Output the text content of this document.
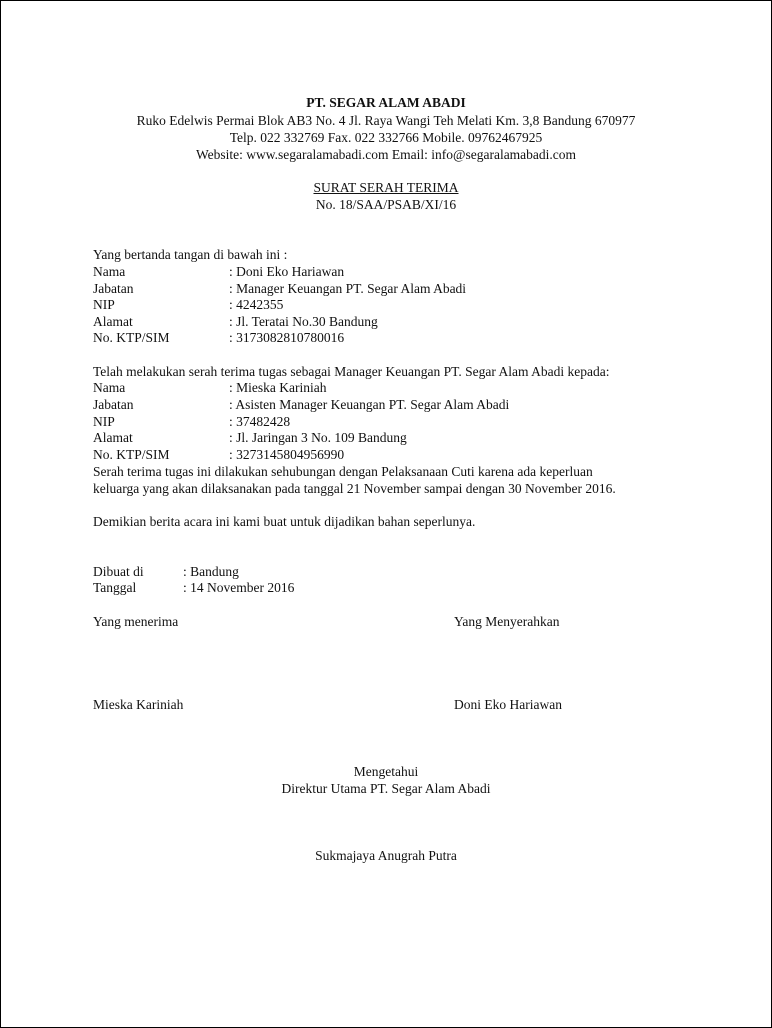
PT. SEGAR ALAM ABADI
Ruko Edelwis Permai Blok AB3 No. 4 Jl. Raya Wangi Teh Melati Km. 3,8 Bandung 670977
Telp. 022 332769 Fax. 022 332766 Mobile. 09762467925
Website: www.segaralamabadi.com Email: info@segaralamabadi.com
SURAT SERAH TERIMA
No. 18/SAA/PSAB/XI/16
Yang bertanda tangan di bawah ini :
Nama	: Doni Eko Hariawan
Jabatan	: Manager Keuangan PT. Segar Alam Abadi
NIP	: 4242355
Alamat	: Jl. Teratai No.30 Bandung
No. KTP/SIM	: 3173082810780016
Telah melakukan serah terima tugas sebagai Manager Keuangan PT. Segar Alam Abadi kepada:
Nama	: Mieska Kariniah
Jabatan	: Asisten Manager Keuangan PT. Segar Alam Abadi
NIP	: 37482428
Alamat	: Jl. Jaringan 3 No. 109 Bandung
No. KTP/SIM	: 3273145804956990
Serah terima tugas ini dilakukan sehubungan dengan Pelaksanaan Cuti karena ada keperluan
keluarga yang akan dilaksanakan pada tanggal 21 November sampai dengan 30 November 2016.
Demikian berita acara ini kami buat untuk dijadikan bahan seperlunya.
Dibuat di	: Bandung
Tanggal	: 14 November 2016
Yang menerima	Yang Menyerahkan
Mieska Kariniah	Doni Eko Hariawan
Mengetahui
Direktur Utama PT. Segar Alam Abadi
Sukmajaya Anugrah Putra
